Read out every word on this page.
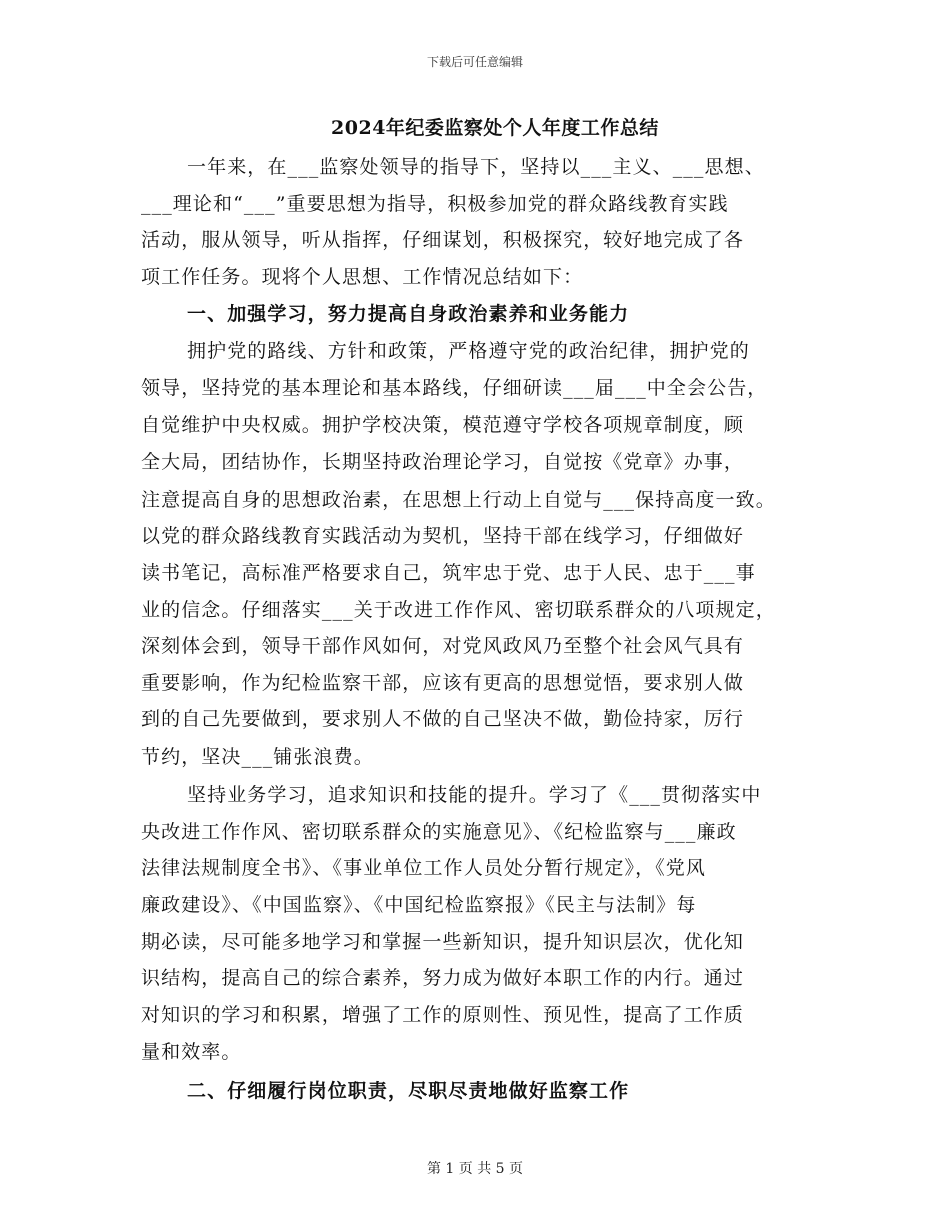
下载后可任意编辑
2024年纪委监察处个人年度工作总结
一年来，在___监察处领导的指导下，坚持以___主义、___思想、
___理论和“___”重要思想为指导，积极参加党的群众路线教育实践
活动，服从领导，听从指挥，仔细谋划，积极探究，较好地完成了各
项工作任务。现将个人思想、工作情况总结如下：
一、加强学习，努力提高自身政治素养和业务能力
拥护党的路线、方针和政策，严格遵守党的政治纪律，拥护党的
领导，坚持党的基本理论和基本路线，仔细研读___届___中全会公告，
自觉维护中央权威。拥护学校决策，模范遵守学校各项规章制度，顾
全大局，团结协作，长期坚持政治理论学习，自觉按《党章》办事，
注意提高自身的思想政治素，在思想上行动上自觉与___保持高度一致。
以党的群众路线教育实践活动为契机，坚持干部在线学习，仔细做好
读书笔记，高标准严格要求自己，筑牢忠于党、忠于人民、忠于___事
业的信念。仔细落实___关于改进工作作风、密切联系群众的八项规定，
深刻体会到，领导干部作风如何，对党风政风乃至整个社会风气具有
重要影响，作为纪检监察干部，应该有更高的思想觉悟，要求别人做
到的自己先要做到，要求别人不做的自己坚决不做，勤俭持家，厉行
节约，坚决___铺张浪费。
坚持业务学习，追求知识和技能的提升。学习了《___贯彻落实中
央改进工作作风、密切联系群众的实施意见》、《纪检监察与___廉政
法律法规制度全书》、《事业单位工作人员处分暂行规定》，《党风
廉政建设》、《中国监察》、《中国纪检监察报》《民主与法制》每
期必读，尽可能多地学习和掌握一些新知识，提升知识层次，优化知
识结构，提高自己的综合素养，努力成为做好本职工作的内行。通过
对知识的学习和积累，增强了工作的原则性、预见性，提高了工作质
量和效率。
二、仔细履行岗位职责，尽职尽责地做好监察工作
第 1 页 共 5 页
